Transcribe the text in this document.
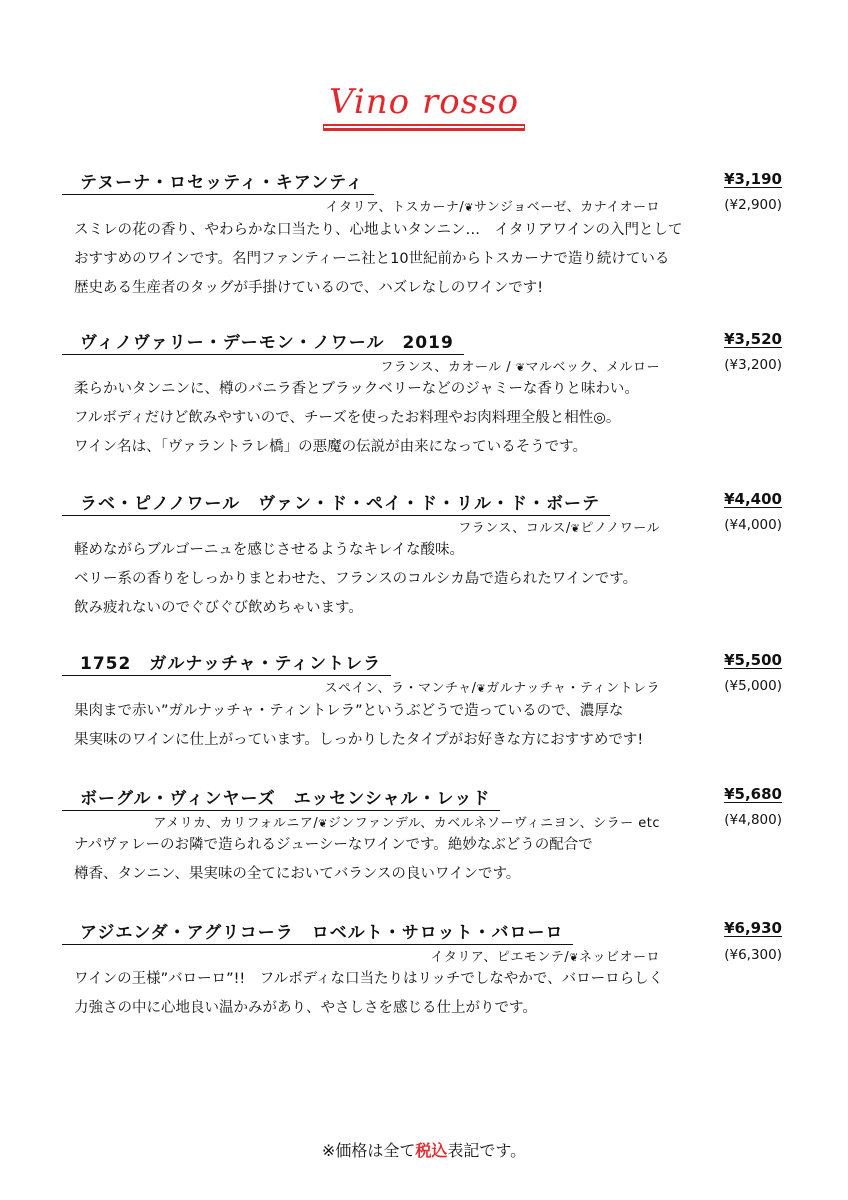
Vino rosso
テヌーナ・ロセッティ・キアンティ	¥3,190
イタリア、トスカーナ/❦サンジョベーゼ、カナイオーロ	(¥2,900)
スミレの花の香り、やわらかな口当たり、心地よいタンニン…　イタリアワインの入門として
おすすめのワインです。名門ファンティーニ社と10世紀前からトスカーナで造り続けている
歴史ある生産者のタッグが手掛けているので、ハズレなしのワインです!
ヴィノヴァリー・デーモン・ノワール　2019	¥3,520
フランス、カオール / ❦マルベック、メルロー	(¥3,200)
柔らかいタンニンに、樽のバニラ香とブラックベリーなどのジャミーな香りと味わい。
フルボディだけど飲みやすいので、チーズを使ったお料理やお肉料理全般と相性◎。
ワイン名は、「ヴァラントラレ橋」の悪魔の伝説が由来になっているそうです。
ラベ・ピノノワール　ヴァン・ド・ペイ・ド・リル・ド・ボーテ	¥4,400
フランス、コルス/❦ピノノワール	(¥4,000)
軽めながらブルゴーニュを感じさせるようなキレイな酸味。
ベリー系の香りをしっかりまとわせた、フランスのコルシカ島で造られたワインです。
飲み疲れないのでぐびぐび飲めちゃいます。
1752　ガルナッチャ・ティントレラ	¥5,500
スペイン、ラ・マンチャ/❦ガルナッチャ・ティントレラ	(¥5,000)
果肉まで赤い”ガルナッチャ・ティントレラ”というぶどうで造っているので、濃厚な
果実味のワインに仕上がっています。しっかりしたタイプがお好きな方におすすめです!
ボーグル・ヴィンヤーズ　エッセンシャル・レッド	¥5,680
アメリカ、カリフォルニア/❦ジンファンデル、カベルネソーヴィニヨン、シラー etc	(¥4,800)
ナパヴァレーのお隣で造られるジューシーなワインです。絶妙なぶどうの配合で
樽香、タンニン、果実味の全てにおいてバランスの良いワインです。
アジエンダ・アグリコーラ　ロベルト・サロット・バローロ	¥6,930
イタリア、ピエモンテ/❦ネッビオーロ	(¥6,300)
ワインの王様”バローロ”!!　フルボディな口当たりはリッチでしなやかで、バローロらしく
力強さの中に心地良い温かみがあり、やさしさを感じる仕上がりです。
※価格は全て税込表記です。
